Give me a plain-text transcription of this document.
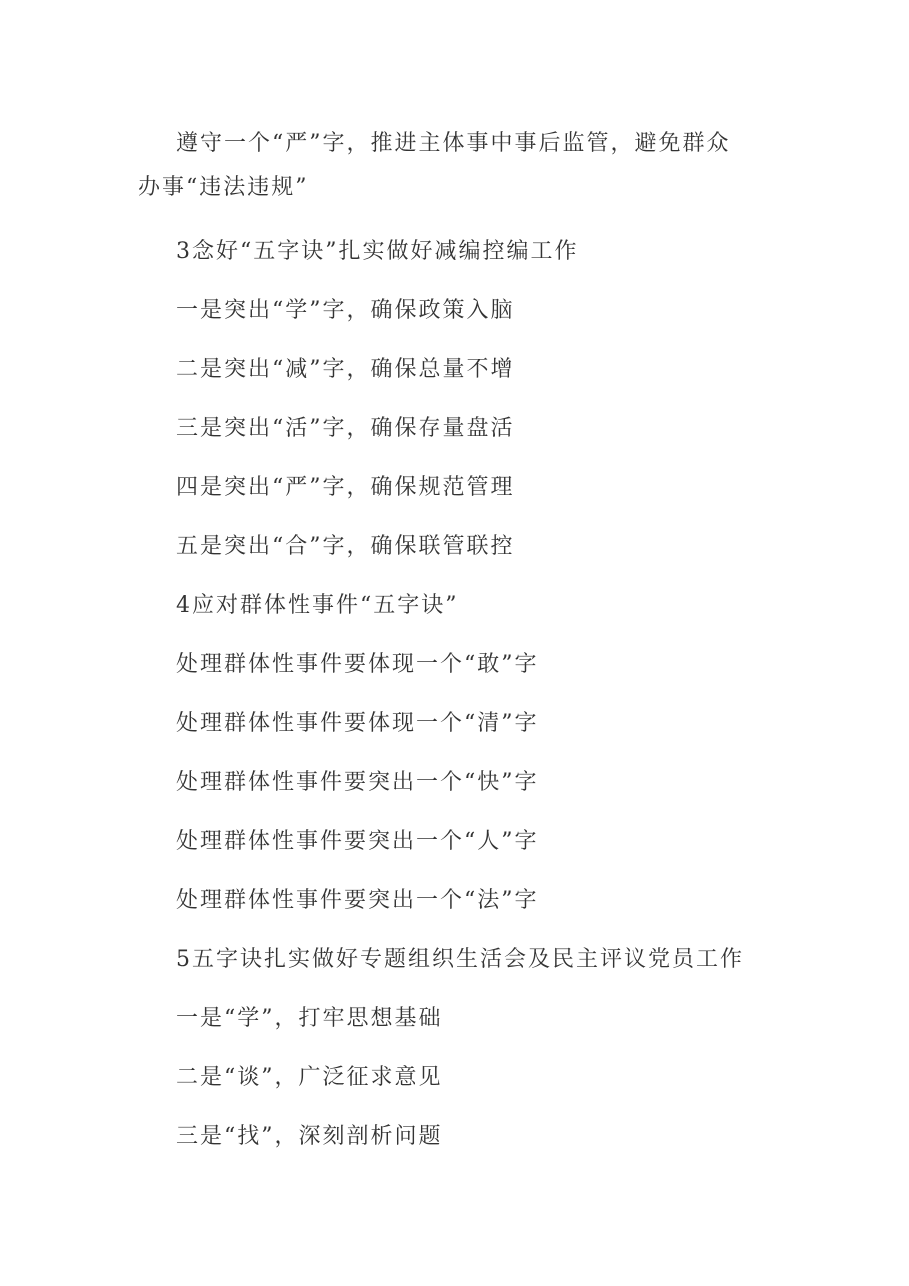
遵守一个“严”字，推进主体事中事后监管，避免群众
办事“违法违规”
3念好“五字诀”扎实做好减编控编工作
一是突出“学”字，确保政策入脑
二是突出“减”字，确保总量不增
三是突出“活”字，确保存量盘活
四是突出“严”字，确保规范管理
五是突出“合”字，确保联管联控
4应对群体性事件“五字诀”
处理群体性事件要体现一个“敢”字
处理群体性事件要体现一个“清”字
处理群体性事件要突出一个“快”字
处理群体性事件要突出一个“人”字
处理群体性事件要突出一个“法”字
5五字诀扎实做好专题组织生活会及民主评议党员工作
一是“学”，打牢思想基础
二是“谈”，广泛征求意见
三是“找”，深刻剖析问题
